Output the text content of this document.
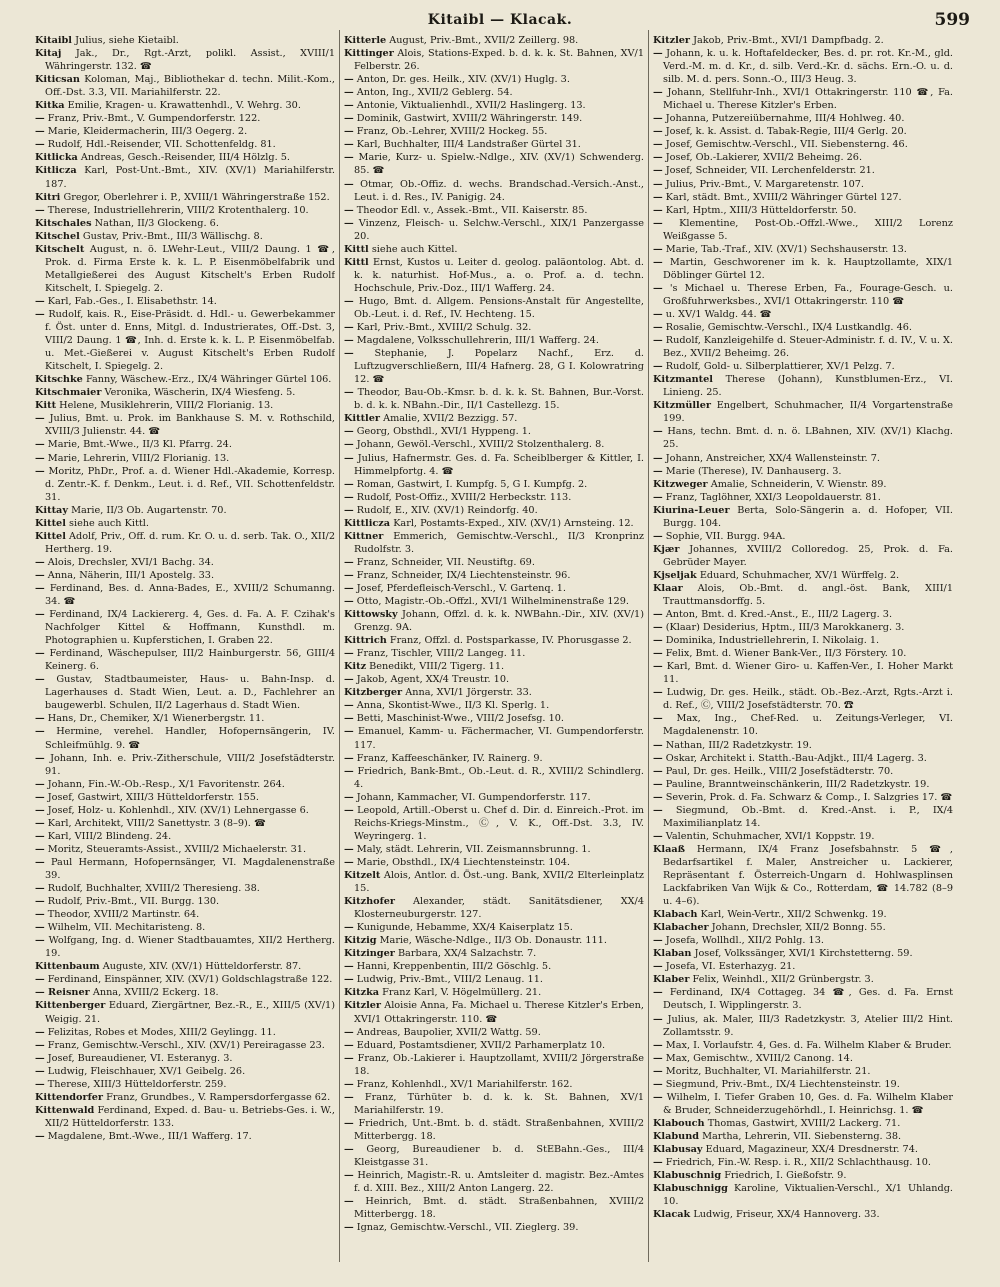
Kitaibl — Klacak.	599

Kitaibl Julius, siehe Kietaibl.

Kitaj Jak., Dr., Rgt.-Arzt, polikl. Assist., XVIII/1 Währingerstr. 132. ☎

Kiticsan Koloman, Maj., Bibliothekar d. techn. Milit.-Kom., Off.-Dst. 3.3, VII. Mariahilferstr. 22.

Kitka Emilie, Kragen- u. Krawattenhdl., V. Wehrg. 30.

— Franz, Priv.-Bmt., V. Gumpendorferstr. 122.

— Marie, Kleidermacherin, III/3 Oegerg. 2.

— Rudolf, Hdl.-Reisender, VII. Schottenfeldg. 81.

Kitlicka Andreas, Gesch.-Reisender, III/4 Hölzlg. 5.

Kitlicza Karl, Post-Unt.-Bmt., XIV. (XV/1) Mariahilferstr. 187.

Kitri Gregor, Oberlehrer i. P., XVIII/1 Währingerstraße 152.

— Therese, Industriellehrerin, VIII/2 Krotenthalerg. 10.

Kitschales Nathan, II/3 Glockeng. 6.

Kitschel Gustav, Priv.-Bmt., III/3 Wällischg. 8.

Kitschelt August, n. ö. LWehr-Leut., VIII/2 Daung. 1 ☎, Prok. d. Firma Erste k. k. L. P. Eisenmöbelfabrik und Metallgießerei des August Kitschelt's Erben Rudolf Kitschelt, I. Spiegelg. 2.

— Karl, Fab.-Ges., I. Elisabethstr. 14.

— Rudolf, kais. R., Eise-Präsidt. d. Hdl.- u. Gewerbekammer f. Öst. unter d. Enns, Mitgl. d. Industrierates, Off.-Dst. 3, VIII/2 Daung. 1 ☎, Inh. d. Erste k. k. L. P. Eisenmöbelfab. u. Met.-Gießerei v. August Kitschelt's Erben Rudolf Kitschelt, I. Spiegelg. 2.

Kitschke Fanny, Wäschew.-Erz., IX/4 Währinger Gürtel 106.

Kitschmaier Veronika, Wäscherin, IX/4 Wiesfeng. 5.

Kitt Helene, Musiklehrerin, VIII/2 Florianig. 13.

— Julius, Bmt. u. Prok. im Bankhause S. M. v. Rothschild, XVIII/3 Julienstr. 44. ☎

— Marie, Bmt.-Wwe., II/3 Kl. Pfarrg. 24.

— Marie, Lehrerin, VIII/2 Florianig. 13.

— Moritz, PhDr., Prof. a. d. Wiener Hdl.-Akademie, Korresp. d. Zentr.-K. f. Denkm., Leut. i. d. Ref., VII. Schottenfeldstr. 31.

Kittay Marie, II/3 Ob. Augartenstr. 70.

Kittel siehe auch Kittl.

Kittel Adolf, Priv., Off. d. rum. Kr. O. u. d. serb. Tak. O., XII/2 Hertherg. 19.

— Alois, Drechsler, XVI/1 Bachg. 34.

— Anna, Näherin, III/1 Apostelg. 33.

— Ferdinand, Bes. d. Anna-Bades, E., XVIII/2 Schumanng. 34. ☎

— Ferdinand, IX/4 Lackiererg. 4, Ges. d. Fa. A. F. Czihak's Nachfolger Kittel & Hoffmann, Kunsthdl. m. Photographien u. Kupferstichen, I. Graben 22.

— Ferdinand, Wäschepulser, III/2 Hainburgerstr. 56, GIII/4 Keinerg. 6.

— Gustav, Stadtbaumeister, Haus- u. Bahn-Insp. d. Lagerhauses d. Stadt Wien, Leut. a. D., Fachlehrer an baugewerbl. Schulen, II/2 Lagerhaus d. Stadt Wien.

— Hans, Dr., Chemiker, X/1 Wienerbergstr. 11.

— Hermine, verehel. Handler, Hofopernsängerin, IV. Schleifmühlg. 9. ☎

— Johann, Inh. e. Priv.-Zitherschule, VIII/2 Josefstädterstr. 91.

— Johann, Fin.-W.-Ob.-Resp., X/1 Favoritenstr. 264.

— Josef, Gastwirt, XIII/3 Hütteldorferstr. 155.

— Josef, Holz- u. Kohlenhdl., XIV. (XV/1) Lehnergasse 6.

— Karl, Architekt, VIII/2 Sanettystr. 3 (8–9). ☎

— Karl, VIII/2 Blindeng. 24.

— Moritz, Steueramts-Assist., XVIII/2 Michaelerstr. 31.

— Paul Hermann, Hofopernsänger, VI. Magdalenenstraße 39.

— Rudolf, Buchhalter, XVIII/2 Theresieng. 38.

— Rudolf, Priv.-Bmt., VII. Burgg. 130.

— Theodor, XVIII/2 Martinstr. 64.

— Wilhelm, VII. Mechitaristeng. 8.

— Wolfgang, Ing. d. Wiener Stadtbauamtes, XII/2 Hertherg. 19.

Kittenbaum Auguste, XIV. (XV/1) Hütteldorferstr. 87.

— Ferdinand, Einspänner, XIV. (XV/1) Goldschlagstraße 122.

— Reisner Anna, XVIII/2 Eckerg. 18.

Kittenberger Eduard, Ziergärtner, Bez.-R., E., XIII/5 (XV/1) Weigig. 21.

— Felizitas, Robes et Modes, XIII/2 Geylingg. 11.

— Franz, Gemischtw.-Verschl., XIV. (XV/1) Pereiragasse 23.

— Josef, Bureaudiener, VI. Esteranyg. 3.

— Ludwig, Fleischhauer, XV/1 Geibelg. 26.

— Therese, XIII/3 Hütteldorferstr. 259.

Kittendorfer Franz, Grundbes., V. Rampersdorfergasse 62.

Kittenwald Ferdinand, Exped. d. Bau- u. Betriebs-Ges. i. W., XII/2 Hütteldorferstr. 133.

— Magdalene, Bmt.-Wwe., III/1 Wafferg. 17.

Kitterle August, Priv.-Bmt., XVII/2 Zeillerg. 98.

Kittinger Alois, Stations-Exped. b. d. k. k. St. Bahnen, XV/1 Felberstr. 26.

— Anton, Dr. ges. Heilk., XIV. (XV/1) Huglg. 3.

— Anton, Ing., XVII/2 Geblerg. 54.

— Antonie, Viktualienhdl., XVII/2 Haslingerg. 13.

— Dominik, Gastwirt, XVIII/2 Währingerstr. 149.

— Franz, Ob.-Lehrer, XVIII/2 Hockeg. 55.

— Karl, Buchhalter, III/4 Landstraßer Gürtel 31.

— Marie, Kurz- u. Spielw.-Ndlge., XIV. (XV/1) Schwenderg. 85. ☎

— Otmar, Ob.-Offiz. d. wechs. Brandschad.-Versich.-Anst., Leut. i. d. Res., IV. Panigig. 24.

— Theodor Edl. v., Assek.-Bmt., VII. Kaiserstr. 85.

— Vinzenz, Fleisch- u. Selchw.-Verschl., XIX/1 Panzergasse 20.

Kittl siehe auch Kittel.

Kittl Ernst, Kustos u. Leiter d. geolog. paläontolog. Abt. d. k. k. naturhist. Hof-Mus., a. o. Prof. a. d. techn. Hochschule, Priv.-Doz., III/1 Wafferg. 24.

— Hugo, Bmt. d. Allgem. Pensions-Anstalt für Angestellte, Ob.-Leut. i. d. Ref., IV. Hechteng. 15.

— Karl, Priv.-Bmt., XVIII/2 Schulg. 32.

— Magdalene, Volksschullehrerin, III/1 Wafferg. 24.

— Stephanie, J. Popelarz Nachf., Erz. d. Luftzugverschließern, III/4 Hafnerg. 28, G I. Kolowratring 12. ☎

— Theodor, Bau-Ob.-Kmsr. b. d. k. k. St. Bahnen, Bur.-Vorst. b. d. k. k. NBahn.-Dir., II/1 Castellezg. 15.

Kittler Amalie, XVII/2 Bezzigg. 57.

— Georg, Obsthdl., XVI/1 Hyppeng. 1.

— Johann, Gewöl.-Verschl., XVIII/2 Stolzenthalerg. 8.

— Julius, Hafnermstr. Ges. d. Fa. Scheiblberger & Kittler, I. Himmelpfortg. 4. ☎

— Roman, Gastwirt, I. Kumpfg. 5, G I. Kumpfg. 2.

— Rudolf, Post-Offiz., XVIII/2 Herbeckstr. 113.

— Rudolf, E., XIV. (XV/1) Reindorfg. 40.

Kittlicza Karl, Postamts-Exped., XIV. (XV/1) Arnsteing. 12.

Kittner Emmerich, Gemischtw.-Verschl., II/3 Kronprinz Rudolfstr. 3.

— Franz, Schneider, VII. Neustiftg. 69.

— Franz, Schneider, IX/4 Liechtensteinstr. 96.

— Josef, Pferdefleisch-Verschl., V. Gartenq. 1.

— Otto, Magistr.-Ob.-Offzl., XVI/1 Wilhelminenstraße 129.

Kittowsky Johann, Offzl. d. k. k. NWBahn.-Dir., XIV. (XV/1) Grenzg. 9A.

Kittrich Franz, Offzl. d. Postsparkasse, IV. Phorusgasse 2.

— Franz, Tischler, VIII/2 Langeg. 11.

Kitz Benedikt, VIII/2 Tigerg. 11.

— Jakob, Agent, XX/4 Treustr. 10.

Kitzberger Anna, XVI/1 Jörgerstr. 33.

— Anna, Skontist-Wwe., II/3 Kl. Sperlg. 1.

— Betti, Maschinist-Wwe., VIII/2 Josefsg. 10.

— Emanuel, Kamm- u. Fächermacher, VI. Gumpendorferstr. 117.

— Franz, Kaffeeschänker, IV. Rainerg. 9.

— Friedrich, Bank-Bmt., Ob.-Leut. d. R., XVIII/2 Schindlerg. 4.

— Johann, Kammacher, VI. Gumpendorferstr. 117.

— Leopold, Artill.-Oberst u. Chef d. Dir. d. Einreich.-Prot. im Reichs-Kriegs-Minstm., Ⓒ, V. K., Off.-Dst. 3.3, IV. Weyringerg. 1.

— Maly, städt. Lehrerin, VII. Zeismannsbrunng. 1.

— Marie, Obsthdl., IX/4 Liechtensteinstr. 104.

Kitzelt Alois, Antlor. d. Öst.-ung. Bank, XVII/2 Elterleinplatz 15.

Kitzhofer Alexander, städt. Sanitätsdiener, XX/4 Klosterneuburgerstr. 127.

— Kunigunde, Hebamme, XX/4 Kaiserplatz 15.

Kitzig Marie, Wäsche-Ndlge., II/3 Ob. Donaustr. 111.

Kitzinger Barbara, XX/4 Salzachstr. 7.

— Hanni, Kreppenbentin, III/2 Göschlg. 5.

— Ludwig, Priv.-Bmt., VIII/2 Lenaug. 11.

Kitzka Franz Karl, V. Högelmüllerg. 21.

Kitzler Aloisie Anna, Fa. Michael u. Therese Kitzler's Erben, XVI/1 Ottakringerstr. 110. ☎

— Andreas, Baupolier, XVII/2 Wattg. 59.

— Eduard, Postamtsdiener, XVII/2 Parhamerplatz 10.

— Franz, Ob.-Lakierer i. Hauptzollamt, XVIII/2 Jörgerstraße 18.

— Franz, Kohlenhdl., XV/1 Mariahilferstr. 162.

— Franz, Türhüter b. d. k. k. St. Bahnen, XV/1 Mariahilferstr. 19.

— Friedrich, Unt.-Bmt. b. d. städt. Straßenbahnen, XVIII/2 Mitterbergg. 18.

— Georg, Bureaudiener b. d. StEBahn.-Ges., III/4 Kleistgasse 31.

— Heinrich, Magistr.-R. u. Amtsleiter d. magistr. Bez.-Amtes f. d. XIII. Bez., XIII/2 Anton Langerg. 22.

— Heinrich, Bmt. d. städt. Straßenbahnen, XVIII/2 Mitterbergg. 18.

— Ignaz, Gemischtw.-Verschl., VII. Zieglerg. 39.

Kitzler Jakob, Priv.-Bmt., XVI/1 Dampfbadg. 2.

— Johann, k. u. k. Hoftafeldecker, Bes. d. pr. rot. Kr.-M., gld. Verd.-M. m. d. Kr., d. silb. Verd.-Kr. d. sächs. Ern.-O. u. d. silb. M. d. pers. Sonn.-O., III/3 Heug. 3.

— Johann, Stellfuhr-Inh., XVI/1 Ottakringerstr. 110 ☎, Fa. Michael u. Therese Kitzler's Erben.

— Johanna, Putzereiübernahme, III/4 Hohlweg. 40.

— Josef, k. k. Assist. d. Tabak-Regie, III/4 Gerlg. 20.

— Josef, Gemischtw.-Verschl., VII. Siebensterng. 46.

— Josef, Ob.-Lakierer, XVII/2 Beheimg. 26.

— Josef, Schneider, VII. Lerchenfelderstr. 21.

— Julius, Priv.-Bmt., V. Margaretenstr. 107.

— Karl, städt. Bmt., XVIII/2 Währinger Gürtel 127.

— Karl, Hptm., XIII/3 Hütteldorferstr. 50.

— Klementine, Post-Ob.-Offzl.-Wwe., XIII/2 Lorenz Weißgasse 5.

— Marie, Tab.-Traf., XIV. (XV/1) Sechshauserstr. 13.

— Martin, Geschworener im k. k. Hauptzollamte, XIX/1 Döblinger Gürtel 12.

— 's Michael u. Therese Erben, Fa., Fourage-Gesch. u. Großfuhrwerksbes., XVI/1 Ottakringerstr. 110 ☎

— u. XV/1 Waldg. 44. ☎

— Rosalie, Gemischtw.-Verschl., IX/4 Lustkandlg. 46.

— Rudolf, Kanzleigehilfe d. Steuer-Administr. f. d. IV., V. u. X. Bez., XVII/2 Beheimg. 26.

— Rudolf, Gold- u. Silberplattierer, XV/1 Pelzg. 7.

Kitzmantel Therese (Johann), Kunstblumen-Erz., VI. Linieng. 25.

Kitzmüller Engelbert, Schuhmacher, II/4 Vorgartenstraße 199.

— Hans, techn. Bmt. d. n. ö. LBahnen, XIV. (XV/1) Klachg. 25.

— Johann, Anstreicher, XX/4 Wallensteinstr. 7.

— Marie (Therese), IV. Danhauserg. 3.

Kitzweger Amalie, Schneiderin, V. Wienstr. 89.

— Franz, Taglöhner, XXI/3 Leopoldauerstr. 81.

Kiurina-Leuer Berta, Solo-Sängerin a. d. Hofoper, VII. Burgg. 104.

— Sophie, VII. Burgg. 94A.

Kjær Johannes, XVIII/2 Colloredog. 25, Prok. d. Fa. Gebrüder Mayer.

Kjseljak Eduard, Schuhmacher, XV/1 Würffelg. 2.

Klaar Alois, Ob.-Bmt. d. angl.-öst. Bank, XIII/1 Trauttmansdorffg. 5.

— Anton, Bmt. d. Kred.-Anst., E., III/2 Lagerg. 3.

— (Klaar) Desiderius, Hptm., III/3 Marokkanerg. 3.

— Dominika, Industriellehrerin, I. Nikolaig. 1.

— Felix, Bmt. d. Wiener Bank-Ver., II/3 Förstery. 10.

— Karl, Bmt. d. Wiener Giro- u. Kaffen-Ver., I. Hoher Markt 11.

— Ludwig, Dr. ges. Heilk., städt. Ob.-Bez.-Arzt, Rgts.-Arzt i. d. Ref., Ⓒ, VIII/2 Josefstädterstr. 70. ☎

— Max, Ing., Chef-Red. u. Zeitungs-Verleger, VI. Magdalenenstr. 10.

— Nathan, III/2 Radetzkystr. 19.

— Oskar, Architekt i. Statth.-Bau-Adjkt., III/4 Lagerg. 3.

— Paul, Dr. ges. Heilk., VIII/2 Josefstädterstr. 70.

— Pauline, Branntweinschänkerin, III/2 Radetzkystr. 19.

— Severin, Prok. d. Fa. Schwarz & Comp., I. Salzgries 17. ☎

— Siegmund, Ob.-Bmt. d. Kred.-Anst. i. P., IX/4 Maximilianplatz 14.

— Valentin, Schuhmacher, XVI/1 Koppstr. 19.

Klaaß Hermann, IX/4 Franz Josefsbahnstr. 5 ☎, Bedarfsartikel f. Maler, Anstreicher u. Lackierer, Repräsentant f. Österreich-Ungarn d. Hohlwasplinsen Lackfabriken Van Wijk & Co., Rotterdam, ☎ 14.782 (8–9 u. 4–6).

Klabach Karl, Wein-Vertr., XII/2 Schwenkg. 19.

Klabacher Johann, Drechsler, XII/2 Bonng. 55.

— Josefa, Wollhdl., XII/2 Pohlg. 13.

Klaban Josef, Volkssänger, XVI/1 Kirchstetterng. 59.

— Josefa, VI. Esterhazyg. 21.

Klaber Felix, Weinhdl., XII/2 Grünbergstr. 3.

— Ferdinand, IX/4 Cottageg. 34 ☎, Ges. d. Fa. Ernst Deutsch, I. Wipplingerstr. 3.

— Julius, ak. Maler, III/3 Radetzkystr. 3, Atelier III/2 Hint. Zollamtsstr. 9.

— Max, I. Vorlaufstr. 4, Ges. d. Fa. Wilhelm Klaber & Bruder.

— Max, Gemischtw., XVIII/2 Canong. 14.

— Moritz, Buchhalter, VI. Mariahilferstr. 21.

— Siegmund, Priv.-Bmt., IX/4 Liechtensteinstr. 19.

— Wilhelm, I. Tiefer Graben 10, Ges. d. Fa. Wilhelm Klaber & Bruder, Schneiderzugehörhdl., I. Heinrichsg. 1. ☎

Klabouch Thomas, Gastwirt, XVIII/2 Lackerg. 71.

Klabund Martha, Lehrerin, VII. Siebensterng. 38.

Klabusay Eduard, Magazineur, XX/4 Dresdnerstr. 74.

— Friedrich, Fin.-W. Resp. i. R., XII/2 Schlachthausg. 10.

Klabuschnig Friedrich, I. Gießofstr. 9.

Klabuschnigg Karoline, Viktualien-Verschl., X/1 Uhlandg. 10.

Klacak Ludwig, Friseur, XX/4 Hannoverg. 33.
